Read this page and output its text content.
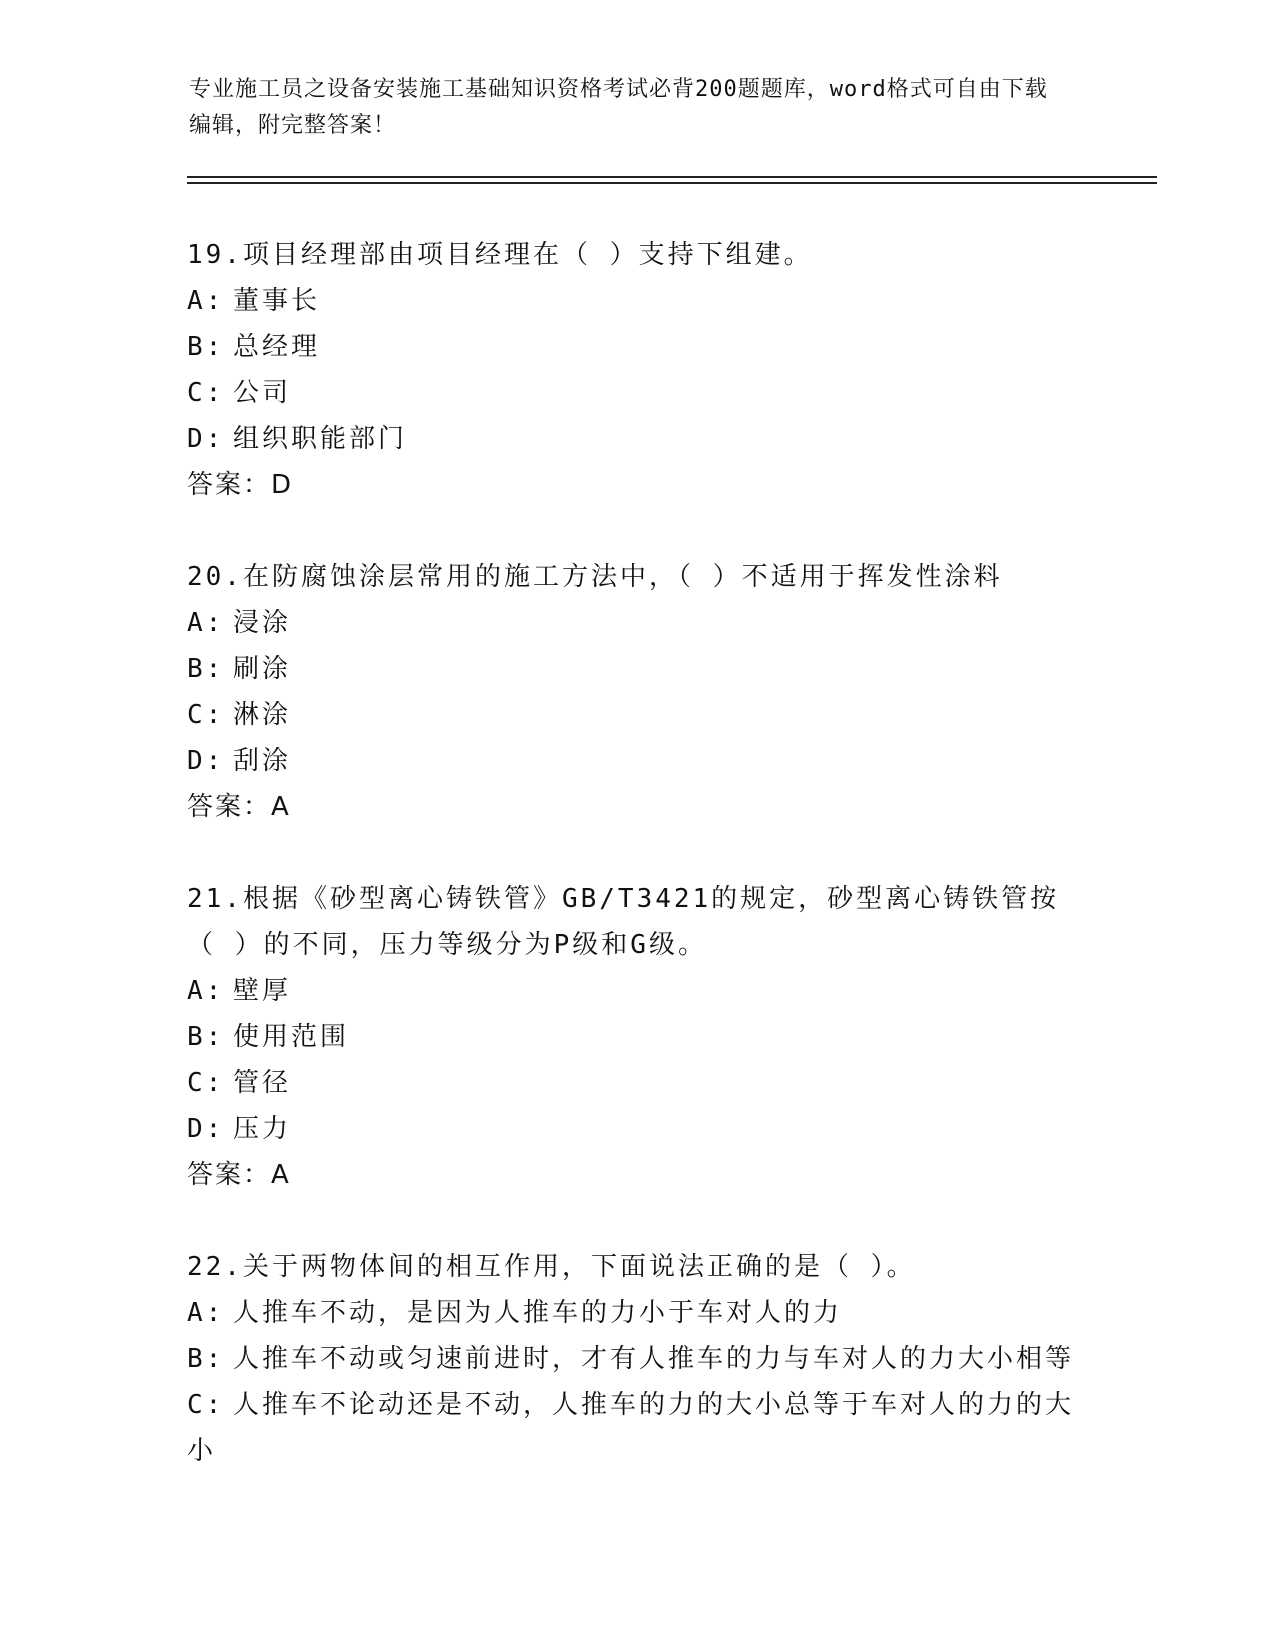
专业施工员之设备安装施工基础知识资格考试必背200题题库，word格式可自由下载编辑，附完整答案！

19.项目经理部由项目经理在（ ）支持下组建。

A: 董事长

B: 总经理

C: 公司

D: 组织职能部门

答案：D

20.在防腐蚀涂层常用的施工方法中，（ ）不适用于挥发性涂料

A: 浸涂

B: 刷涂

C: 淋涂

D: 刮涂

答案：A

21.根据《砂型离心铸铁管》GB/T3421的规定，砂型离心铸铁管按（ ）的不同，压力等级分为P级和G级。

A: 壁厚

B: 使用范围

C: 管径

D: 压力

答案：A

22.关于两物体间的相互作用，下面说法正确的是（ ）。

A: 人推车不动，是因为人推车的力小于车对人的力

B: 人推车不动或匀速前进时，才有人推车的力与车对人的力大小相等

C: 人推车不论动还是不动，人推车的力的大小总等于车对人的力的大小
